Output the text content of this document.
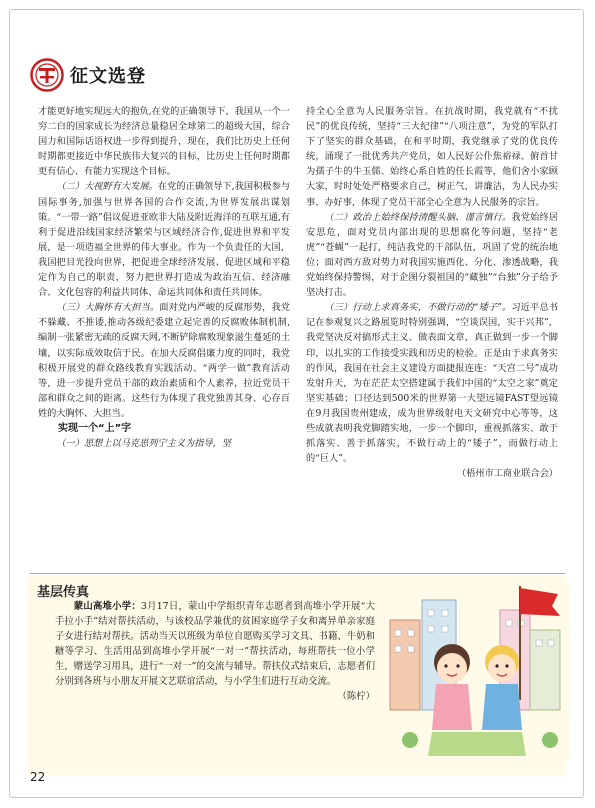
征文选登

才能更好地实现远大的抱负,在党的正确领导下，我国从一个一穷二白的国家成长为经济总量稳居全球第二的超级大国，综合国力和国际话语权进一步得到提升，现在，我们比历史上任何时期都更接近中华民族伟大复兴的目标，比历史上任何时期都更有信心、有能力实现这个目标。

（二）大视野有大发展。在党的正确领导下,我国积极参与国际事务,加强与世界各国的合作交流,为世界发展出谋划策。“一带一路”倡议促进亚欧非大陆及附近海洋的互联互通,有利于促进沿线国家经济繁荣与区域经济合作,促进世界和平发展，是一项造福全世界的伟大事业。作为一个负责任的大国，我国把目光投向世界，把促进全球经济发展、促进区域和平稳定作为自己的职责，努力把世界打造成为政治互信、经济融合、文化包容的利益共同体、命运共同体和责任共同体。

（三）大胸怀有大担当。面对党内严峻的反腐形势，我党不躲藏、不推诿,推动各级纪委建立起完善的反腐败体制机制,编制一张紧密无疏的反腐天网,不断铲除腐败现象滋生蔓延的土壤，以实际成效取信于民。在加大反腐倡廉力度的同时，我党积极开展党的群众路线教育实践活动、“两学一做”教育活动等，进一步提升党员干部的政治素质和个人素养，拉近党员干部和群众之间的距离。这些行为体现了我党独善其身、心存百姓的大胸怀、大担当。

实现一个“上”字

（一）思想上以马克思列宁主义为指导，坚

持全心全意为人民服务宗旨。在抗战时期，我党就有“不扰民”的优良传统，坚持“三大纪律”“八项注意”，为党的军队打下了坚实的群众基础，在和平时期，我党继承了党的优良传统，涌现了一批优秀共产党员，如人民好公仆焦裕禄、俯首甘为孺子牛的牛玉儒、始终心系自姓的任长霞等，他们舍小家顾大家，时时处处严格要求自己，树正气，讲廉洁，为人民办实事、办好事，体现了党员干部全心全意为人民服务的宗旨。

（二）政治上始终保持清醒头脑、谨言慎行。我党始终居安思危，面对党员内部出现的思想腐化等问题，坚持“老虎”“苍蝇”一起打，纯洁我党的干部队伍，巩固了党的统治地位；面对西方敌对势力对我国实施西化、分化、渗透战略，我党始终保持警惕，对于企图分裂祖国的“藏独”“台独”分子给予坚决打击。

（三）行动上求真务实，不做行动的“矮子”。习近平总书记在参观复兴之路展览时特别强调，“空谈误国，实干兴邦”，我党坚决反对搞形式主义、做表面文章，真正做到一步一个脚印，以扎实的工作接受实践和历史的检验。正是由于求真务实的作风，我国在社会主义建设方面捷报连连：“天宫二号”成功发射升天，为在茫茫太空搭建属于我们中国的“太空之家”奠定坚实基础；口径达到500米的世界第一大望远镜FAST望远镜在9月我国贵州建成，成为世界级射电天文研究中心等等，这些成就表明我党脚踏实地，一步一个脚印，重视抓落实、敢于抓落实、善于抓落实，不做行动上的“矮子”，而做行动上的“巨人”。

（梧州市工商业联合会）

基层传真

蒙山高堆小学：3月17日，蒙山中学组织青年志愿者到高堆小学开展“大手拉小手”结对帮扶活动，与该校品学兼优的贫困家庭学子女和离异单亲家庭子女进行结对帮扶。活动当天以班级为单位自愿购买学习文具、书籍、牛奶和糖等学习、生活用品到高堆小学开展“一对一”帮扶活动，每班帮扶一位小学生，赠送学习用具，进行“一对一”的交流与辅导。帮扶仪式结束后，志愿者们分别到各班与小朋友开展文艺联谊活动，与小学生们进行互动交流。

（陈柠）

22
